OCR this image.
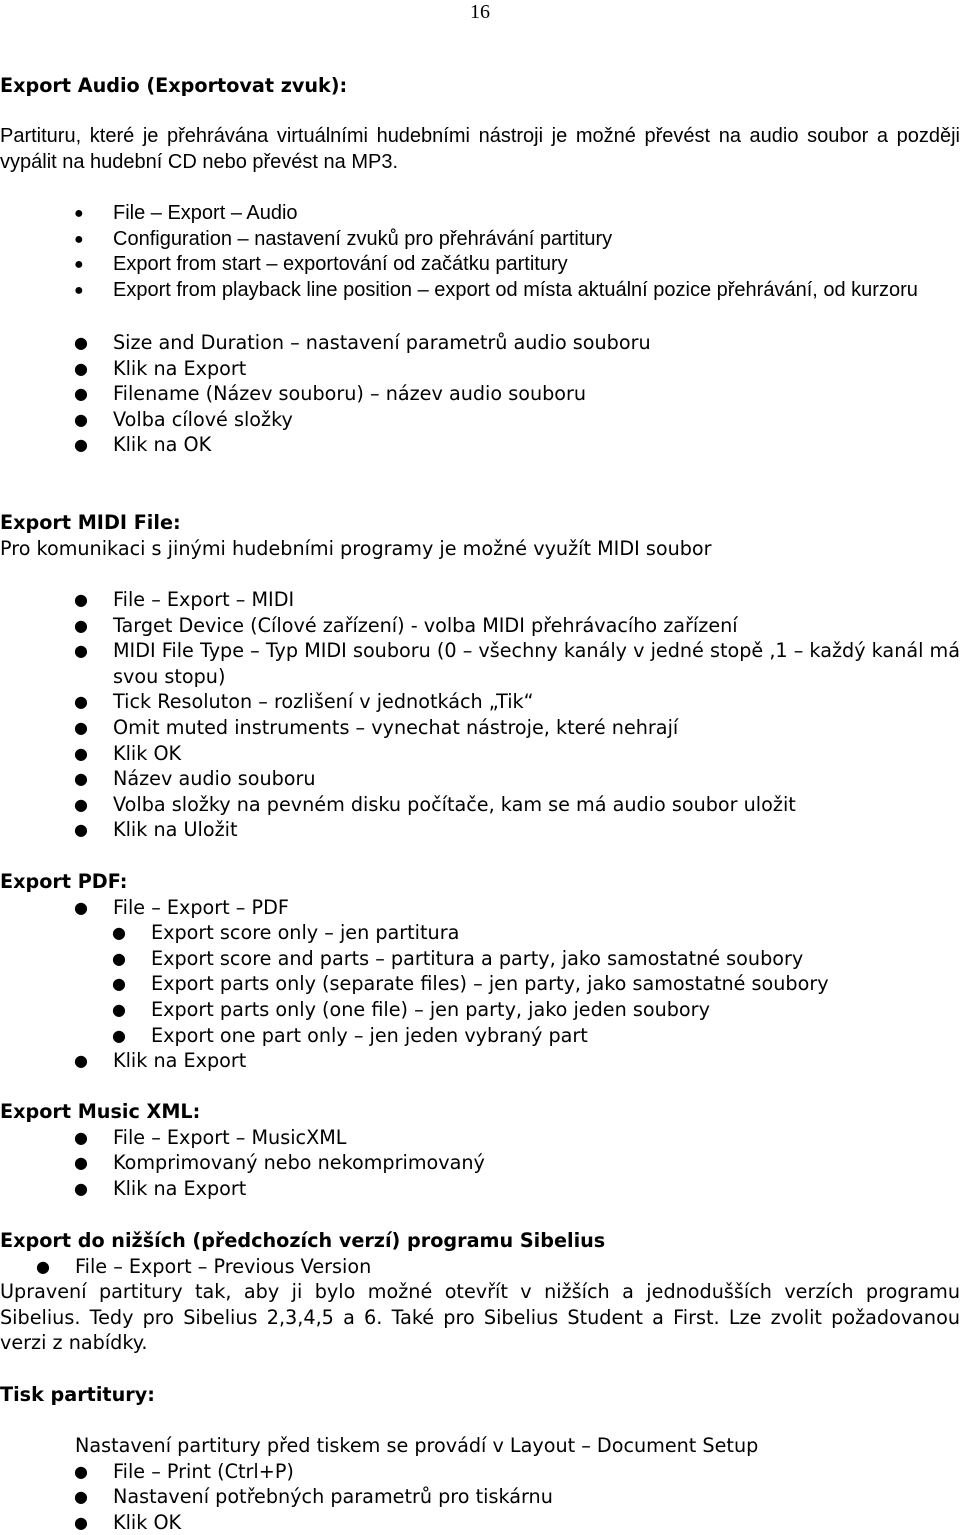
16

Export Audio (Exportovat zvuk):

Partituru, které je přehrávána virtuálními hudebními nástroji je možné převést na audio soubor a později vypálit na hudební CD nebo převést na MP3.

● File – Export – Audio
● Configuration – nastavení zvuků pro přehrávání partitury
● Export from start – exportování od začátku partitury
● Export from playback line position – export od místa aktuální pozice přehrávání, od kurzoru
● Size and Duration – nastavení parametrů audio souboru
● Klik na Export
● Filename (Název souboru) – název audio souboru
● Volba cílové složky
● Klik na OK

Export MIDI File:

Pro komunikaci s jinými hudebními programy je možné využít MIDI soubor

● File – Export – MIDI
● Target Device (Cílové zařízení) - volba MIDI přehrávacího zařízení
● MIDI File Type – Typ MIDI souboru (0 – všechny kanály v jedné stopě ,1 – každý kanál má svou stopu)
● Tick Resoluton – rozlišení v jednotkách „Tik“
● Omit muted instruments – vynechat nástroje, které nehrají
● Klik OK
● Název audio souboru
● Volba složky na pevném disku počítače, kam se má audio soubor uložit
● Klik na Uložit

Export PDF:

● File – Export – PDF
● Export score only – jen partitura
● Export score and parts – partitura a party, jako samostatné soubory
● Export parts only (separate files) – jen party, jako samostatné soubory
● Export parts only (one file) – jen party, jako jeden soubory
● Export one part only – jen jeden vybraný part
● Klik na Export

Export Music XML:

● File – Export – MusicXML
● Komprimovaný nebo nekomprimovaný
● Klik na Export

Export do nižších (předchozích verzí) programu Sibelius

● File – Export – Previous Version

Upravení partitury tak, aby ji bylo možné otevřít v nižších a jednodušších verzích programu Sibelius. Tedy pro Sibelius 2,3,4,5 a 6. Také pro Sibelius Student a First. Lze zvolit požadovanou verzi z nabídky.

Tisk partitury:

Nastavení partitury před tiskem se provádí v Layout – Document Setup

● File – Print (Ctrl+P)
● Nastavení potřebných parametrů pro tiskárnu
● Klik OK
